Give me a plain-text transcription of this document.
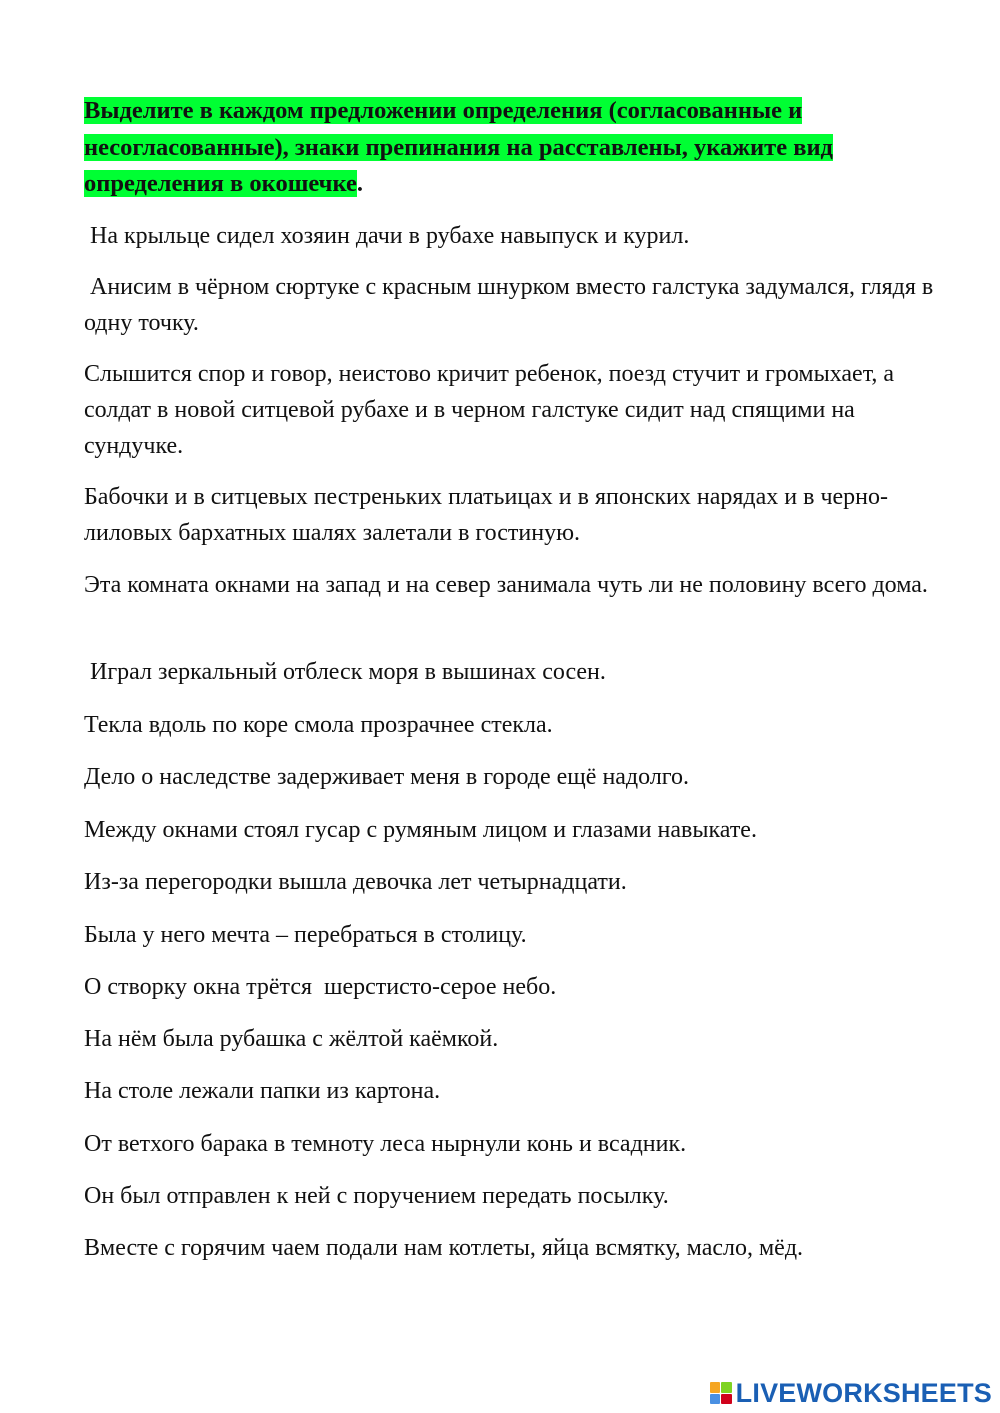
Выделите в каждом предложении определения (согласованные и несогласованные), знаки препинания на расставлены, укажите вид определения в окошечке.

На крыльце сидел хозяин дачи в рубахе навыпуск и курил.

Анисим в чёрном сюртуке с красным шнурком вместо галстука задумался, глядя в одну точку.

Слышится спор и говор, неистово кричит ребенок, поезд стучит и громыхает, а солдат в новой ситцевой рубахе и в черном галстуке сидит над спящими на сундучке.

Бабочки и в ситцевых пестреньких платьицах и в японских нарядах и в черно-лиловых бархатных шалях залетали в гостиную.

Эта комната окнами на запад и на север занимала чуть ли не половину всего дома.

Играл зеркальный отблеск моря в вышинах сосен.

Текла вдоль по коре смола прозрачнее стекла.

Дело о наследстве задерживает меня в городе ещё надолго.

Между окнами стоял гусар с румяным лицом и глазами навыкате.

Из-за перегородки вышла девочка лет четырнадцати.

Была у него мечта – перебраться в столицу.

О створку окна трётся  шерстисто-серое небо.

На нём была рубашка с жёлтой каёмкой.

На столе лежали папки из картона.

От ветхого барака в темноту леса нырнули конь и всадник.

Он был отправлен к ней с поручением передать посылку.

Вместе с горячим чаем подали нам котлеты, яйца всмятку, масло, мёд.

LIVEWORKSHEETS
